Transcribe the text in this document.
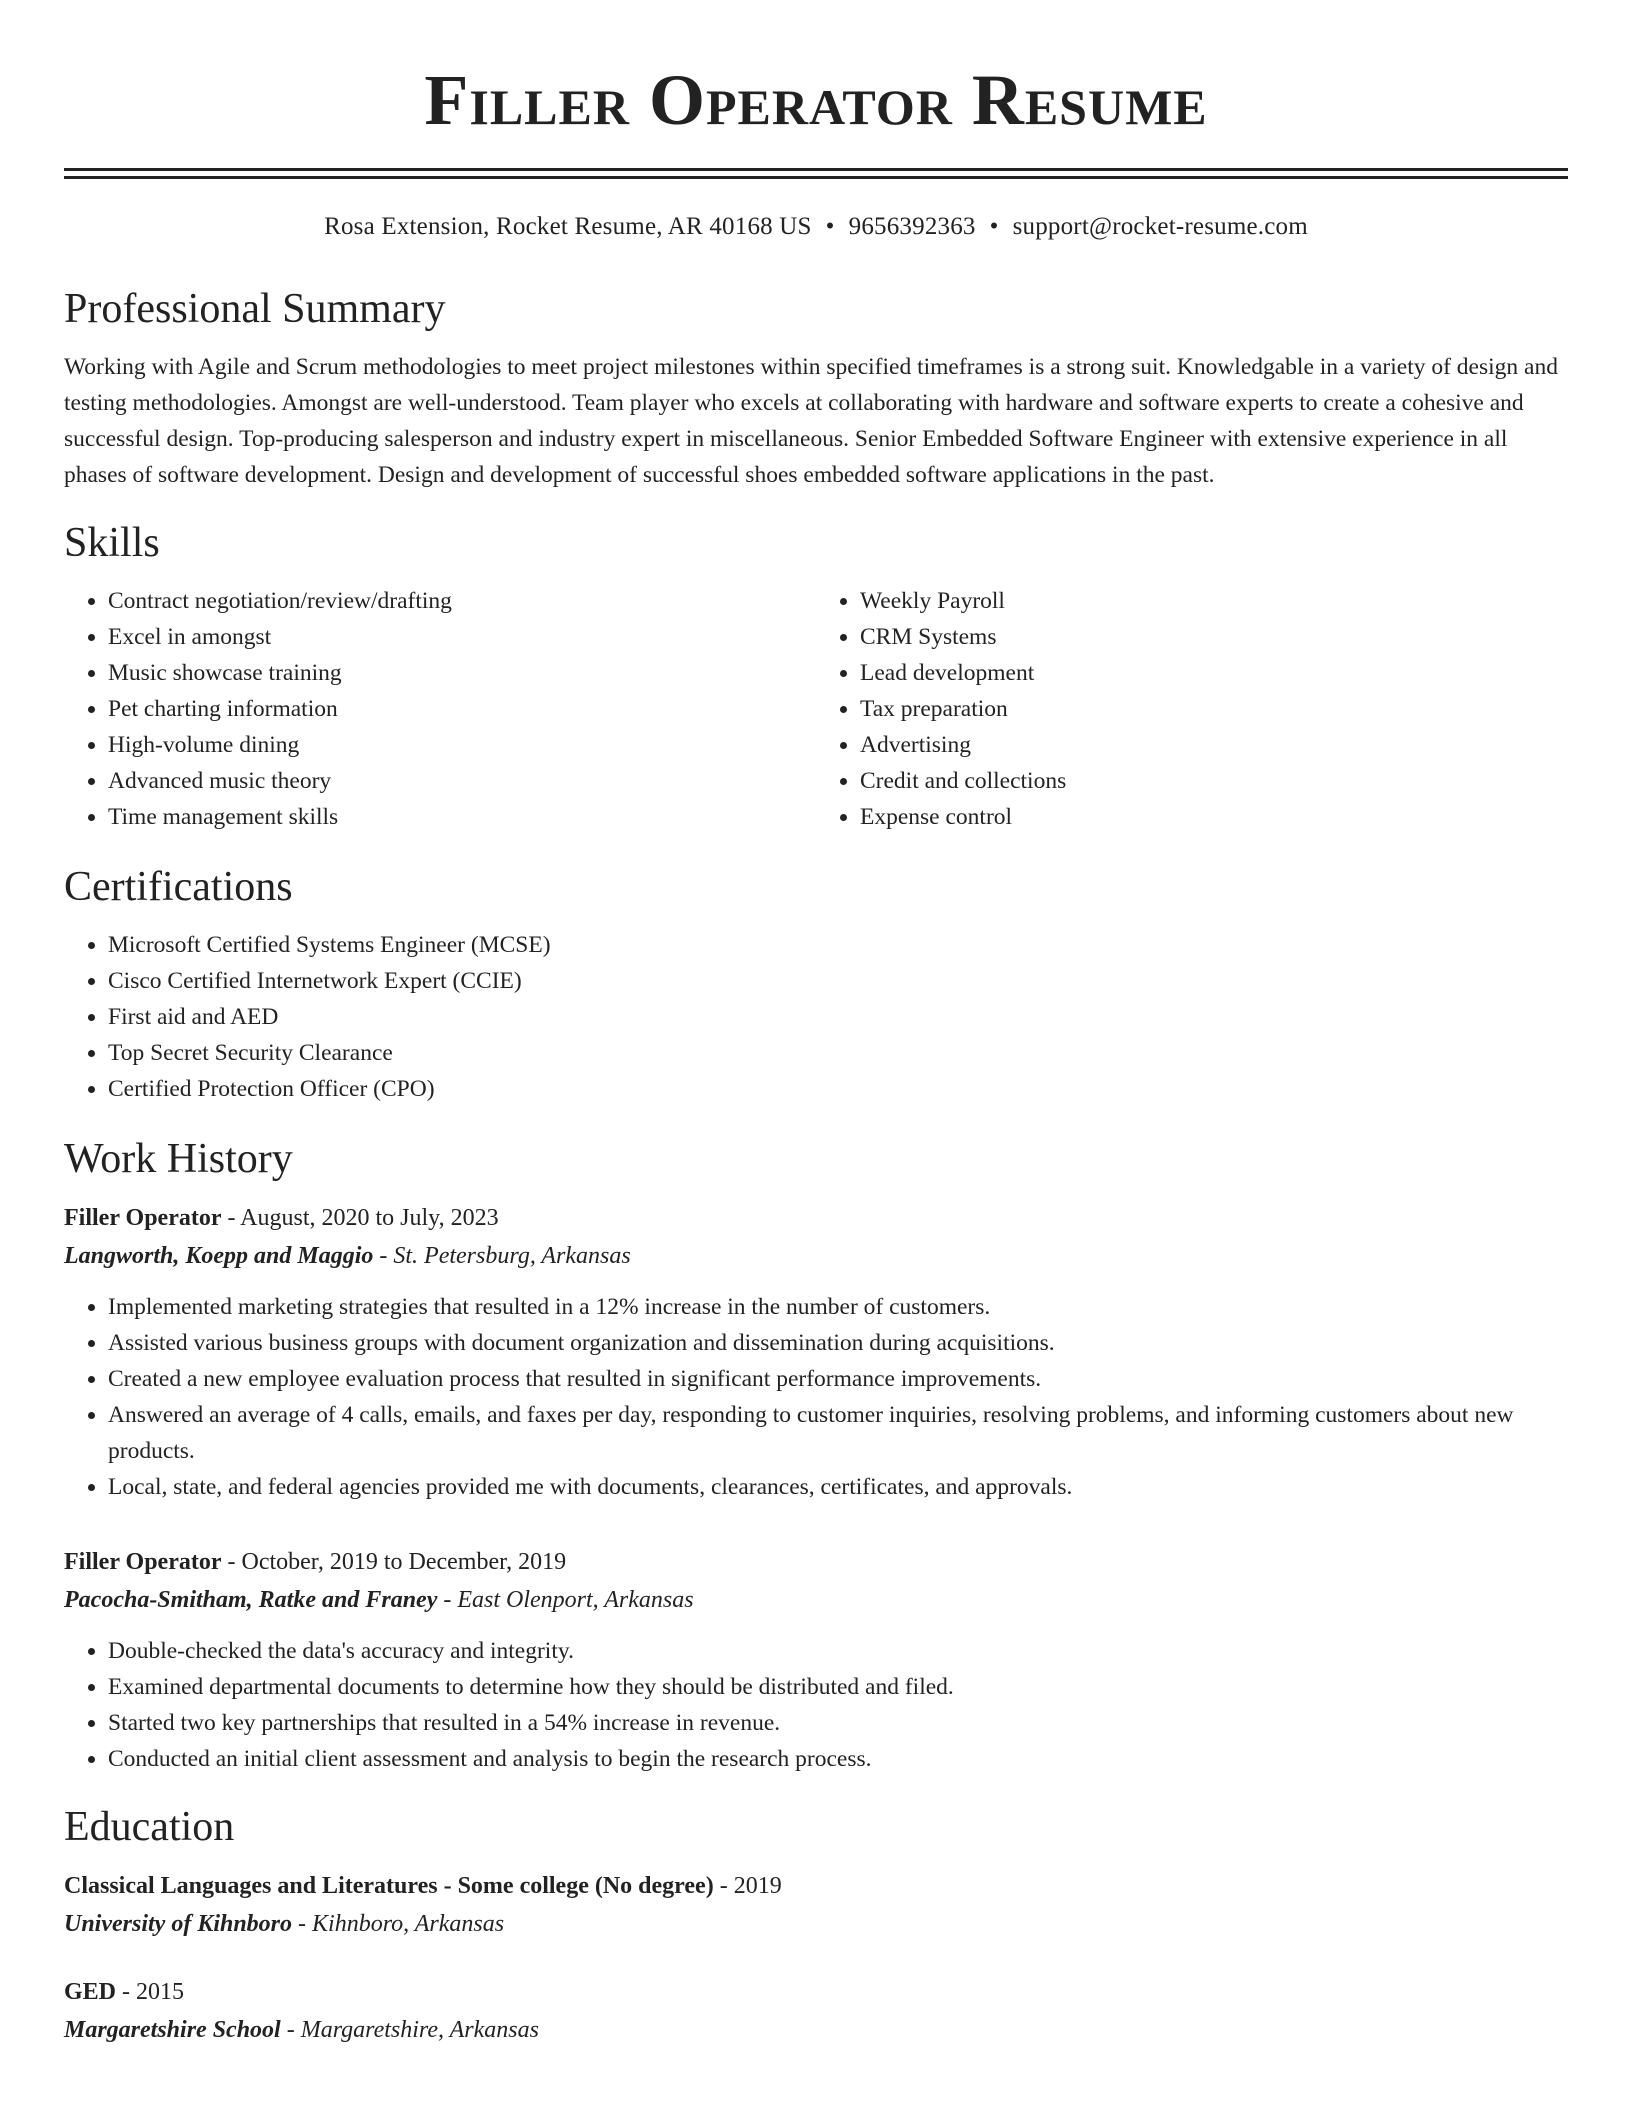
Filler Operator Resume
Rosa Extension, Rocket Resume, AR 40168 US • 9656392363 • support@rocket-resume.com
Professional Summary

Working with Agile and Scrum methodologies to meet project milestones within specified timeframes is a strong suit. Knowledgable in a variety of design and testing methodologies. Amongst are well-understood. Team player who excels at collaborating with hardware and software experts to create a cohesive and successful design. Top-producing salesperson and industry expert in miscellaneous. Senior Embedded Software Engineer with extensive experience in all phases of software development. Design and development of successful shoes embedded software applications in the past.

Skills
• Contract negotiation/review/drafting
• Excel in amongst
• Music showcase training
• Pet charting information
• High-volume dining
• Advanced music theory
• Time management skills
• Weekly Payroll
• CRM Systems
• Lead development
• Tax preparation
• Advertising
• Credit and collections
• Expense control
Certifications
• Microsoft Certified Systems Engineer (MCSE)
• Cisco Certified Internetwork Expert (CCIE)
• First aid and AED
• Top Secret Security Clearance
• Certified Protection Officer (CPO)
Work History
Filler Operator - August, 2020 to July, 2023
Langworth, Koepp and Maggio - St. Petersburg, Arkansas
• Implemented marketing strategies that resulted in a 12% increase in the number of customers.
• Assisted various business groups with document organization and dissemination during acquisitions.
• Created a new employee evaluation process that resulted in significant performance improvements.
• Answered an average of 4 calls, emails, and faxes per day, responding to customer inquiries, resolving problems, and informing customers about new products.
• Local, state, and federal agencies provided me with documents, clearances, certificates, and approvals.
Filler Operator - October, 2019 to December, 2019
Pacocha-Smitham, Ratke and Franey - East Olenport, Arkansas
• Double-checked the data's accuracy and integrity.
• Examined departmental documents to determine how they should be distributed and filed.
• Started two key partnerships that resulted in a 54% increase in revenue.
• Conducted an initial client assessment and analysis to begin the research process.
Education
Classical Languages and Literatures - Some college (No degree) - 2019
University of Kihnboro - Kihnboro, Arkansas
GED - 2015
Margaretshire School - Margaretshire, Arkansas
